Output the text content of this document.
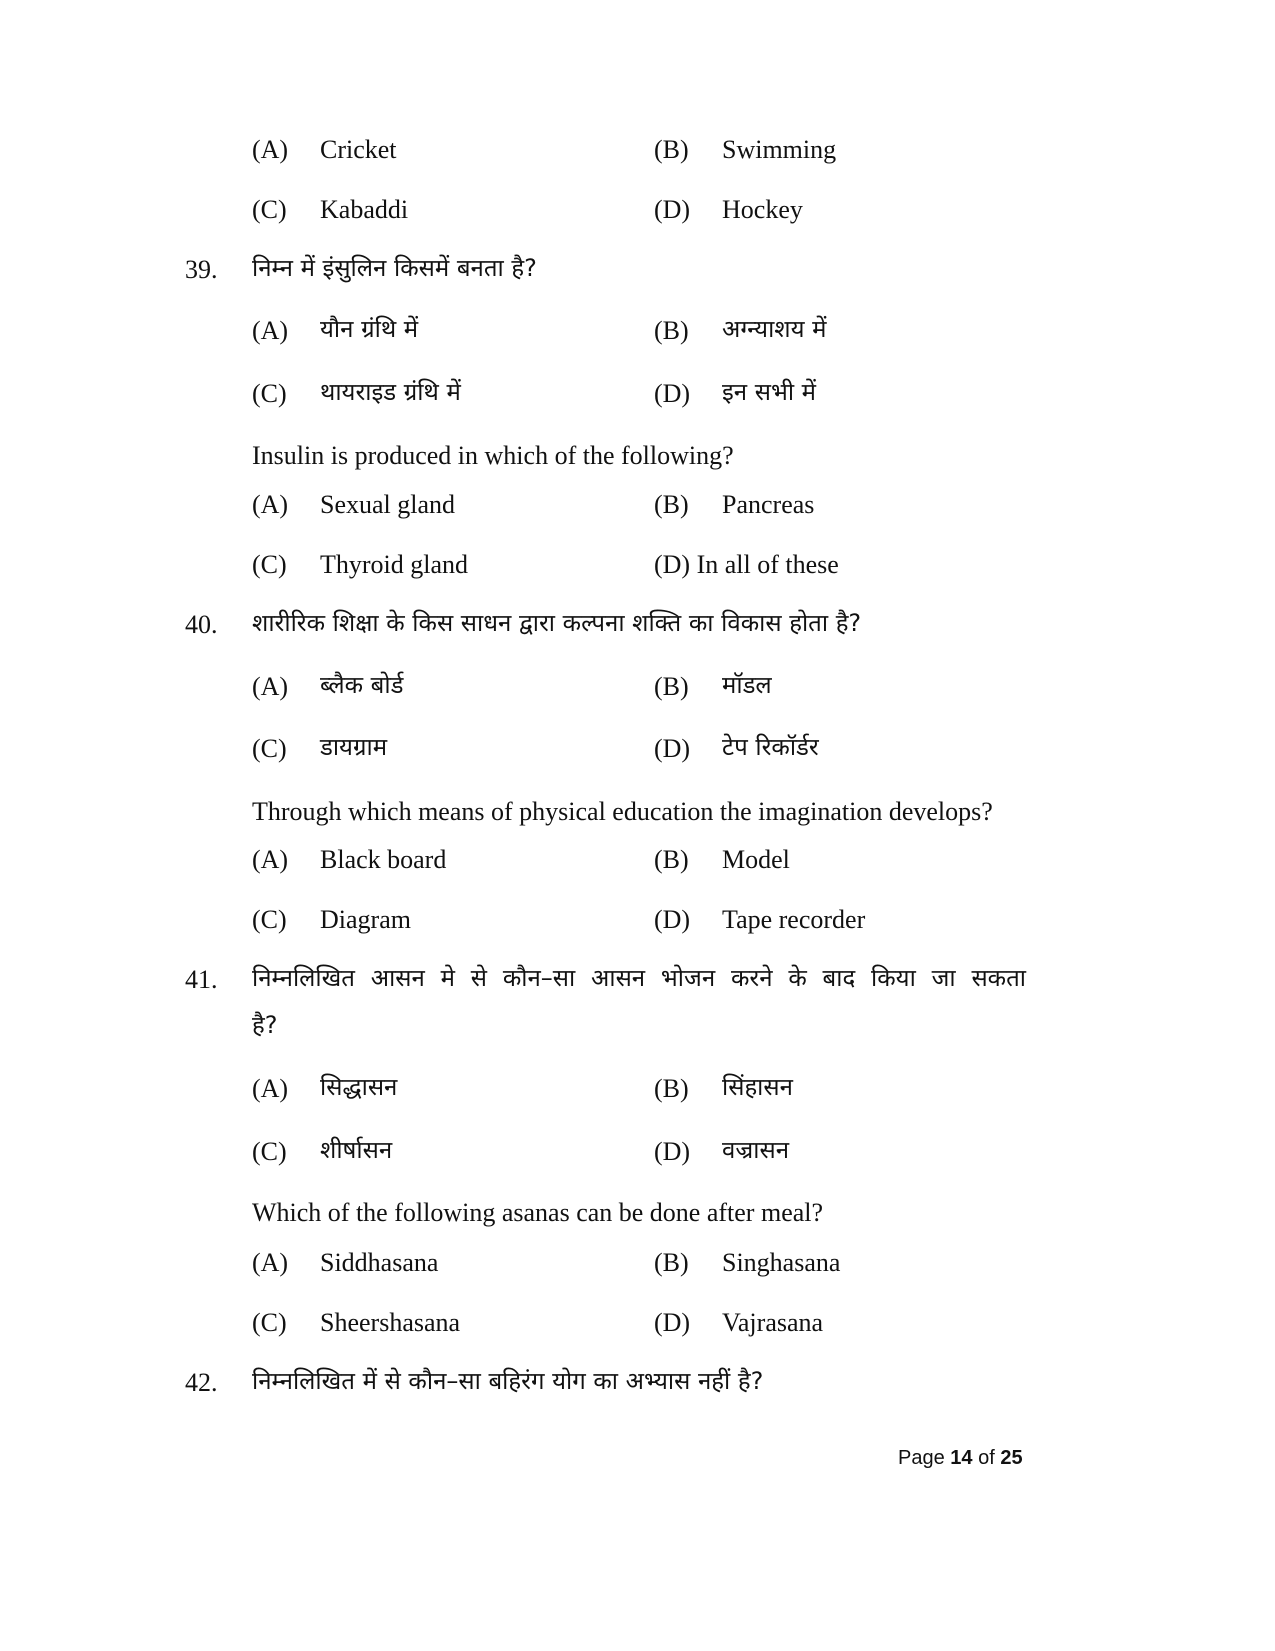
(A) Cricket	(B) Swimming
(C) Kabaddi	(D) Hockey
39. निम्न में इंसुलिन किसमें बनता है?
(A) यौन ग्रंथि में	(B) अग्न्याशय में
(C) थायराइड ग्रंथि में	(D) इन सभी में
Insulin is produced in which of the following?
(A) Sexual gland	(B) Pancreas
(C) Thyroid gland	(D) In all of these
40. शारीरिक शिक्षा के किस साधन द्वारा कल्पना शक्ति का विकास होता है?
(A) ब्लैक बोर्ड	(B) मॉडल
(C) डायग्राम	(D) टेप रिकॉर्डर
Through which means of physical education the imagination develops?
(A) Black board	(B) Model
(C) Diagram	(D) Tape recorder
41. निम्नलिखित आसन मे से कौन–सा आसन भोजन करने के बाद किया जा सकता
है?
(A) सिद्धासन	(B) सिंहासन
(C) शीर्षासन	(D) वज्रासन
Which of the following asanas can be done after meal?
(A) Siddhasana	(B) Singhasana
(C) Sheershasana	(D) Vajrasana
42. निम्नलिखित में से कौन–सा बहिरंग योग का अभ्यास नहीं है?
Page 14 of 25
